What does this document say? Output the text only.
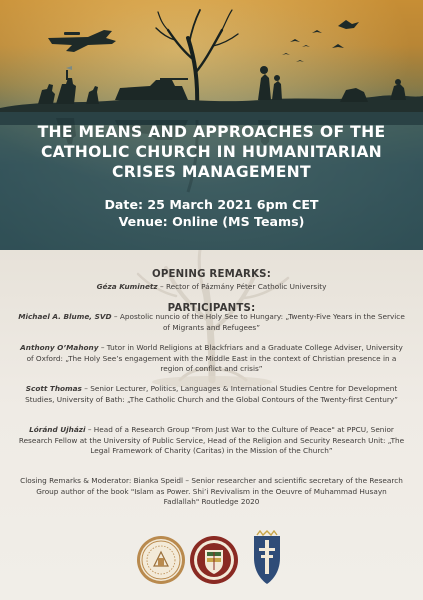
THE MEANS AND APPROACHES OF THE
CATHOLIC CHURCH IN HUMANITARIAN
CRISES MANAGEMENT
Date: 25 March 2021 6pm CET
Venue: Online (MS Teams)
OPENING REMARKS:

Géza Kuminetz – Rector of Pázmány Péter Catholic University

PARTICIPANTS:

Michael A. Blume, SVD – Apostolic nuncio of the Holy See to Hungary: „Twenty-Five Years in the Service of Migrants and Refugees”

Anthony O’Mahony – Tutor in World Religions at Blackfriars and a Graduate College Adviser, University of Oxford: „The Holy See’s engagement with the Middle East in the context of Christian presence in a region of conflict and crisis”

Scott Thomas – Senior Lecturer, Politics, Languages & International Studies Centre for Development Studies, University of Bath: „The Catholic Church and the Global Contours of the Twenty-first Century”

Lóránd Ujházi – Head of a Research Group "From Just War to the Culture of Peace" at PPCU, Senior Research Fellow at the University of Public Service, Head of the Religion and Security Research Unit: „The Legal Framework of Charity (Caritas) in the Mission of the Church”

Closing Remarks & Moderator: Bianka Speidl – Senior researcher and scientific secretary of the Research Group author of the book "Islam as Power. Shi’i Revivalism in the Oeuvre of Muhammad Husayn Fadlallah" Routledge 2020
